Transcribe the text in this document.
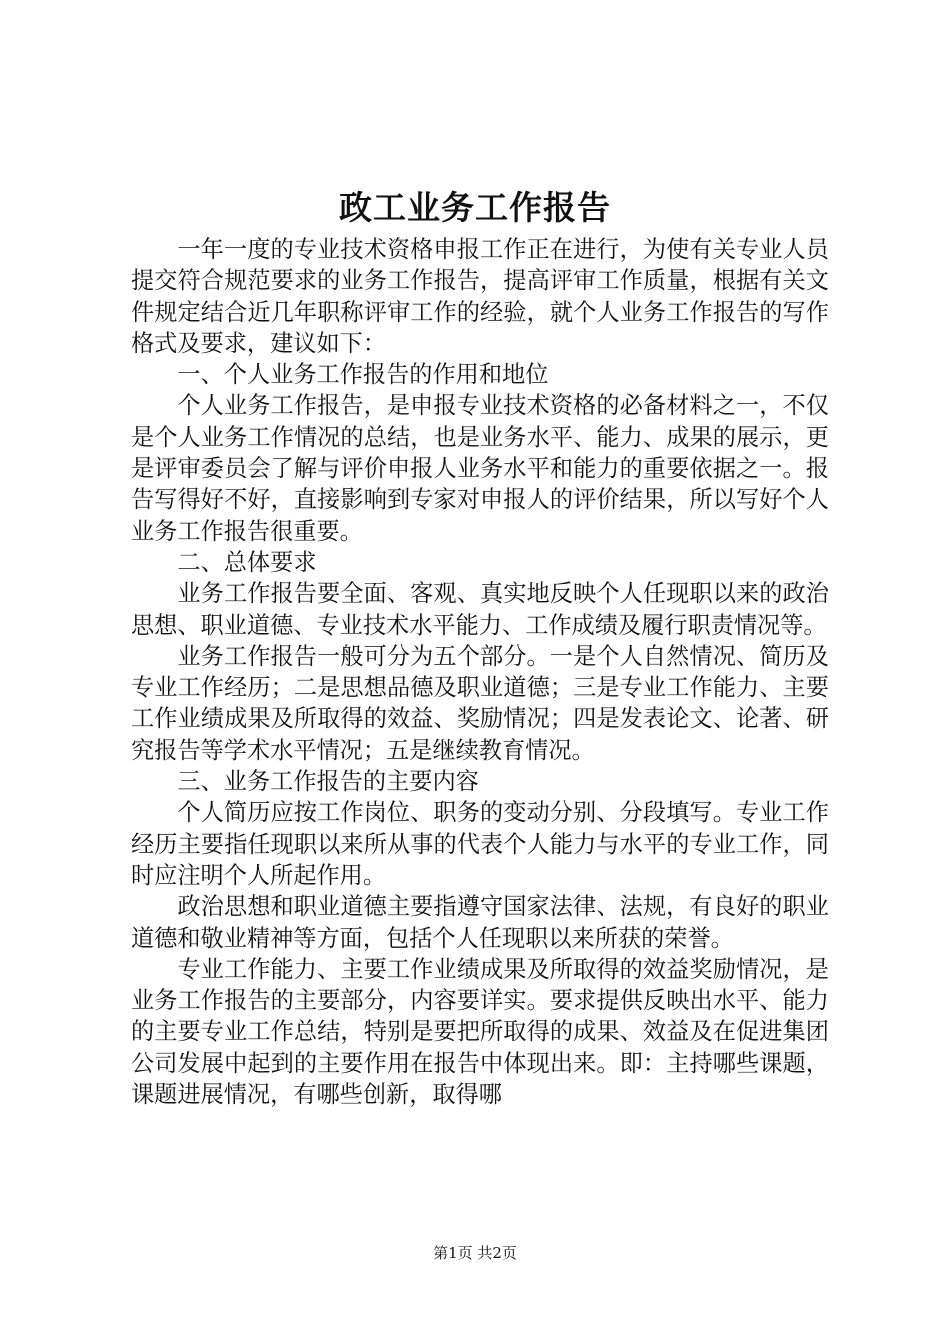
政工业务工作报告

一年一度的专业技术资格申报工作正在进行，为使有关专业人员提交符合规范要求的业务工作报告，提高评审工作质量，根据有关文件规定结合近几年职称评审工作的经验，就个人业务工作报告的写作格式及要求，建议如下：

一、个人业务工作报告的作用和地位

个人业务工作报告，是申报专业技术资格的必备材料之一，不仅是个人业务工作情况的总结，也是业务水平、能力、成果的展示，更是评审委员会了解与评价申报人业务水平和能力的重要依据之一。报告写得好不好，直接影响到专家对申报人的评价结果，所以写好个人业务工作报告很重要。

二、总体要求

业务工作报告要全面、客观、真实地反映个人任现职以来的政治思想、职业道德、专业技术水平能力、工作成绩及履行职责情况等。

业务工作报告一般可分为五个部分。一是个人自然情况、简历及专业工作经历；二是思想品德及职业道德；三是专业工作能力、主要工作业绩成果及所取得的效益、奖励情况；四是发表论文、论著、研究报告等学术水平情况；五是继续教育情况。

三、业务工作报告的主要内容

个人简历应按工作岗位、职务的变动分别、分段填写。专业工作经历主要指任现职以来所从事的代表个人能力与水平的专业工作，同时应注明个人所起作用。

政治思想和职业道德主要指遵守国家法律、法规，有良好的职业道德和敬业精神等方面，包括个人任现职以来所获的荣誉。

专业工作能力、主要工作业绩成果及所取得的效益奖励情况，是业务工作报告的主要部分，内容要详实。要求提供反映出水平、能力的主要专业工作总结，特别是要把所取得的成果、效益及在促进集团公司发展中起到的主要作用在报告中体现出来。即：主持哪些课题，课题进展情况，有哪些创新，取得哪

第1页 共2页
